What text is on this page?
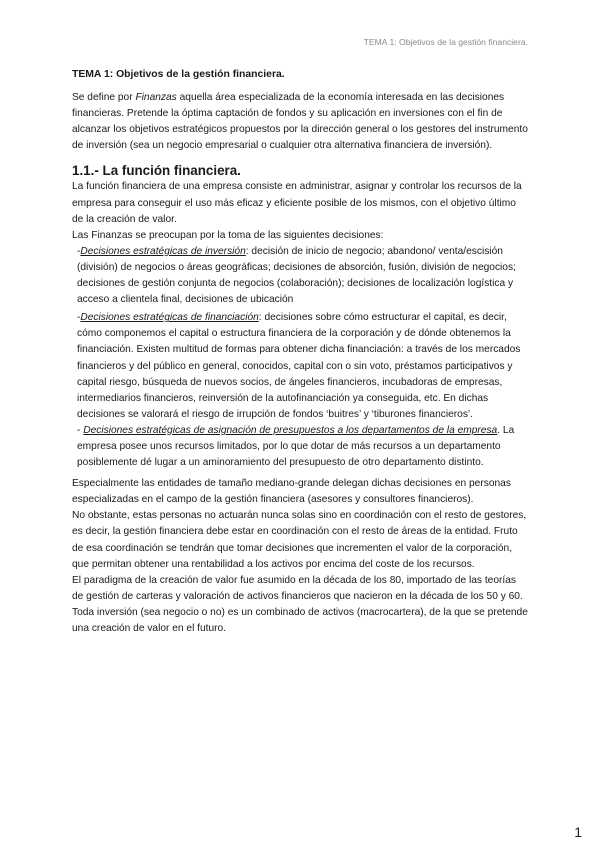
TEMA 1: Objetivos de la gestión financiera.

TEMA 1: Objetivos de la gestión financiera.

Se define por Finanzas aquella área especializada de la economía interesada en las decisiones financieras. Pretende la óptima captación de fondos y su aplicación en inversiones con el fin de alcanzar los objetivos estratégicos propuestos por la dirección general o los gestores del instrumento de inversión (sea un negocio empresarial o cualquier otra alternativa financiera de inversión).

1.1.- La función financiera.

La función financiera de una empresa consiste en administrar, asignar y controlar los recursos de la empresa para conseguir el uso más eficaz y eficiente posible de los mismos, con el objetivo último de la creación de valor.

Las Finanzas se preocupan por la toma de las siguientes decisiones:

-Decisiones estratégicas de inversión: decisión de inicio de negocio; abandono/ venta/escisión (división) de negocios o áreas geográficas; decisiones de absorción, fusión, división de negocios; decisiones de gestión conjunta de negocios (colaboración); decisiones de localización logística y acceso a clientela final, decisiones de ubicación

-Decisiones estratégicas de financiación: decisiones sobre cómo estructurar el capital, es decir, cómo componemos el capital o estructura financiera de la corporación y de dónde obtenemos la financiación. Existen multitud de formas para obtener dicha financiación: a través de los mercados financieros y del público en general, conocidos, capital con o sin voto, préstamos participativos y capital riesgo, búsqueda de nuevos socios, de ángeles financieros, incubadoras de empresas, intermediarios financieros, reinversión de la autofinanciación ya conseguida, etc. En dichas decisiones se valorará el riesgo de irrupción de fondos ‘buitres’ y ‘tiburones financieros’.

- Decisiones estratégicas de asignación de presupuestos a los departamentos de la empresa. La empresa posee unos recursos limitados, por lo que dotar de más recursos a un departamento posiblemente dé lugar a un aminoramiento del presupuesto de otro departamento distinto.

Especialmente las entidades de tamaño mediano-grande delegan dichas decisiones en personas especializadas en el campo de la gestión financiera (asesores y consultores financieros).

No obstante, estas personas no actuarán nunca solas sino en coordinación con el resto de gestores, es decir, la gestión financiera debe estar en coordinación con el resto de áreas de la entidad. Fruto de esa coordinación se tendrán que tomar decisiones que incrementen el valor de la corporación, que permitan obtener una rentabilidad a los activos por encima del coste de los recursos.

El paradigma de la creación de valor fue asumido en la década de los 80, importado de las teorías de gestión de carteras y valoración de activos financieros que nacieron en la década de los 50 y 60. Toda inversión (sea negocio o no) es un combinado de activos (macrocartera), de la que se pretende una creación de valor en el futuro.

1
